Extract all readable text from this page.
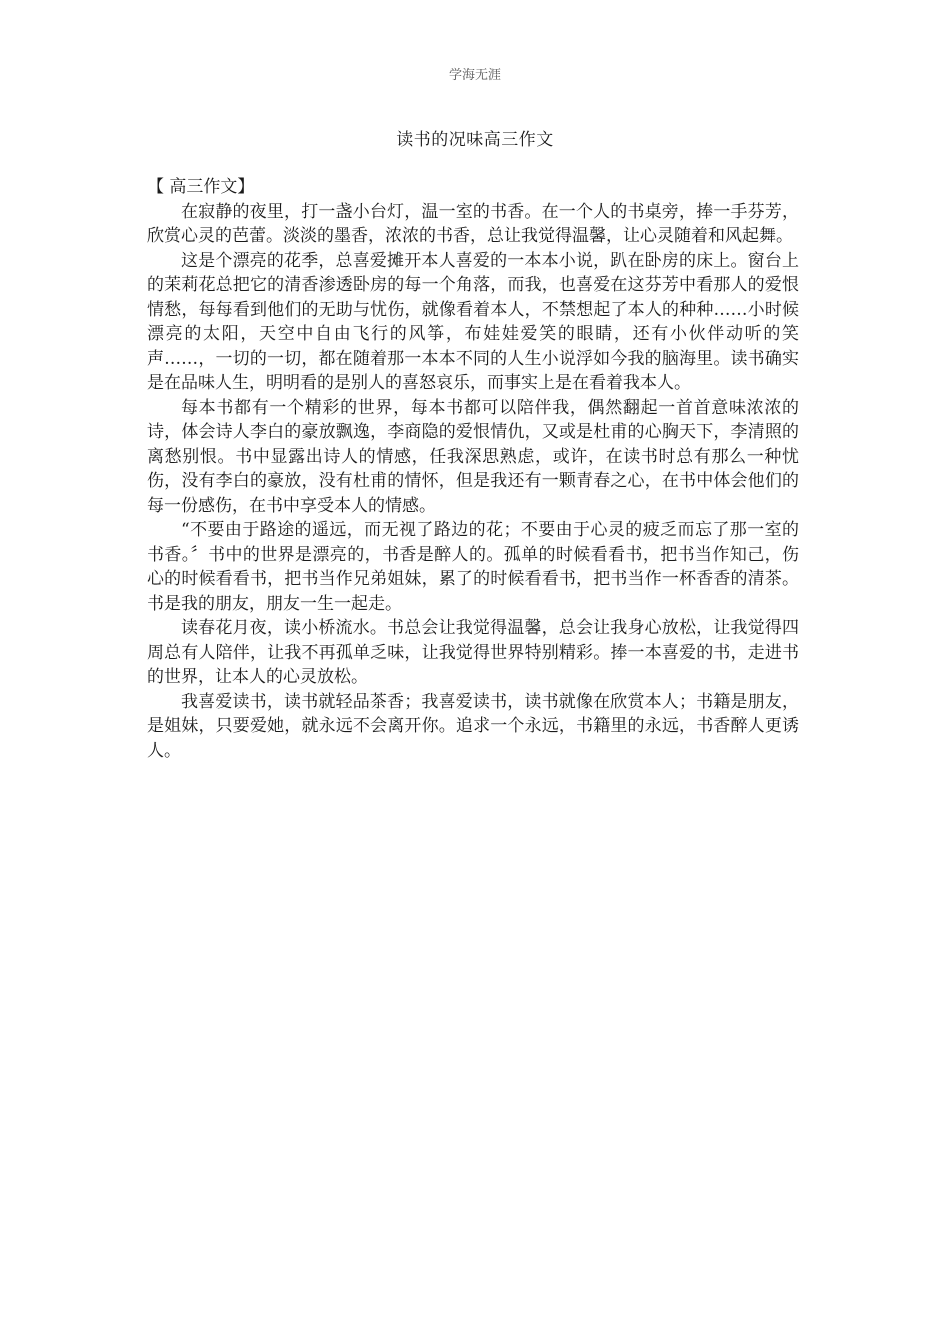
学海无涯
读书的况味高三作文
【 高三作文】

在寂静的夜里，打一盏小台灯，温一室的书香。在一个人的书桌旁，捧一手芬芳，欣赏心灵的芭蕾。淡淡的墨香，浓浓的书香，总让我觉得温馨，让心灵随着和风起舞。

这是个漂亮的花季，总喜爱摊开本人喜爱的一本本小说，趴在卧房的床上。窗台上的茉莉花总把它的清香渗透卧房的每一个角落，而我，也喜爱在这芬芳中看那人的爱恨情愁，每每看到他们的无助与忧伤，就像看着本人，不禁想起了本人的种种……小时候漂亮的太阳，天空中自由飞行的风筝，布娃娃爱笑的眼睛，还有小伙伴动听的笑声……，一切的一切，都在随着那一本本不同的人生小说浮如今我的脑海里。读书确实是在品味人生，明明看的是别人的喜怒哀乐，而事实上是在看着我本人。

每本书都有一个精彩的世界，每本书都可以陪伴我，偶然翻起一首首意味浓浓的诗，体会诗人李白的豪放飘逸，李商隐的爱恨情仇，又或是杜甫的心胸天下，李清照的离愁别恨。书中显露出诗人的情感，任我深思熟虑，或许，在读书时总有那么一种忧伤，没有李白的豪放，没有杜甫的情怀，但是我还有一颗青春之心，在书中体会他们的每一份感伤，在书中享受本人的情感。

“不要由于路途的遥远，而无视了路边的花；不要由于心灵的疲乏而忘了那一室的书香。〞书中的世界是漂亮的，书香是醉人的。孤单的时候看看书，把书当作知己，伤心的时候看看书，把书当作兄弟姐妹，累了的时候看看书，把书当作一杯香香的清茶。书是我的朋友，朋友一生一起走。

读春花月夜，读小桥流水。书总会让我觉得温馨，总会让我身心放松，让我觉得四周总有人陪伴，让我不再孤单乏味，让我觉得世界特别精彩。捧一本喜爱的书，走进书的世界，让本人的心灵放松。

我喜爱读书，读书就轻品茶香；我喜爱读书，读书就像在欣赏本人；书籍是朋友，是姐妹，只要爱她，就永远不会离开你。追求一个永远，书籍里的永远，书香醉人更诱人。
